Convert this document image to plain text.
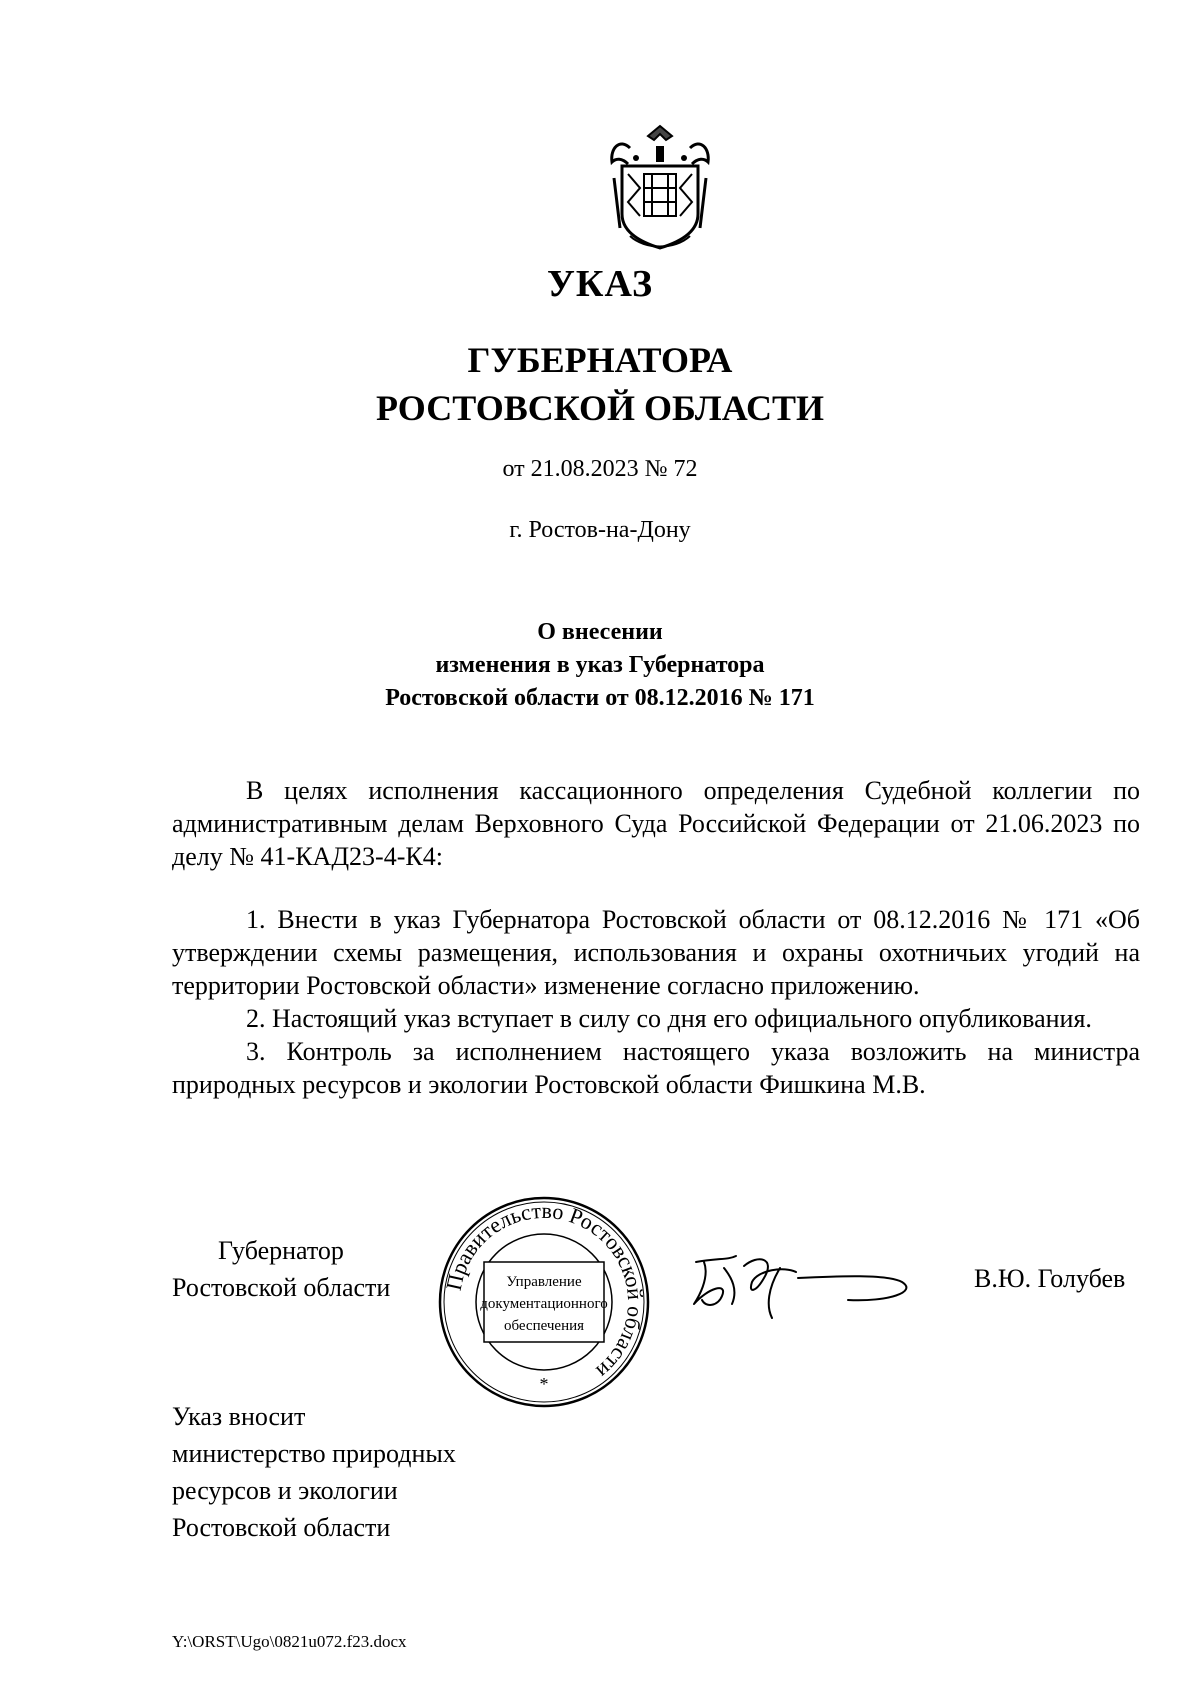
УКАЗ
ГУБЕРНАТОРА
РОСТОВСКОЙ ОБЛАСТИ
от 21.08.2023 № 72
г. Ростов-на-Дону
О внесении
изменения в указ Губернатора
Ростовской области от 08.12.2016 № 171

В целях исполнения кассационного определения Судебной коллегии по административным делам Верховного Суда Российской Федерации от 21.06.2023 по делу № 41-КАД23-4-К4:

1. Внести в указ Губернатора Ростовской области от 08.12.2016 № 171 «Об утверждении схемы размещения, использования и охраны охотничьих угодий на территории Ростовской области» изменение согласно приложению.

2. Настоящий указ вступает в силу со дня его официального опубликования.

3. Контроль за исполнением настоящего указа возложить на министра природных ресурсов и экологии Ростовской области Фишкина М.В.

Губернатор
Ростовской области Правительство Ростовской области
Управление
документационного
обеспечения
*
В.Ю. Голубев
Указ вносит
министерство природных
ресурсов и экологии
Ростовской области
Y:\ORST\Ugo\0821u072.f23.docx
